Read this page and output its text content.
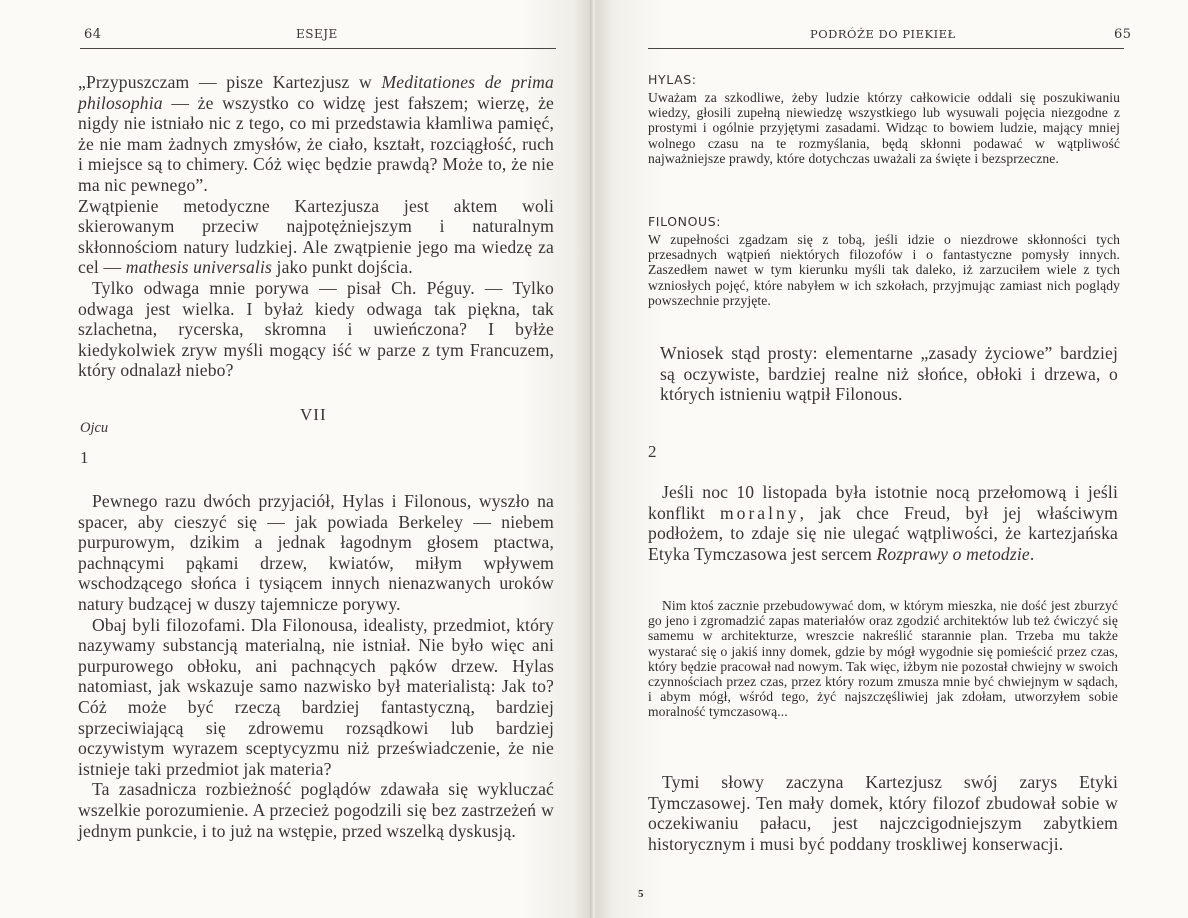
64	ESEJE

„Przypuszczam — pisze Kartezjusz w Meditationes de prima philosophia — że wszystko co widzę jest fałszem; wierzę, że nigdy nie istniało nic z tego, co mi przedstawia kłamliwa pamięć, że nie mam żadnych zmysłów, że ciało, kształt, rozciągłość, ruch i miejsce są to chimery. Cóż więc będzie prawdą? Może to, że nie ma nic pewnego”.

Zwątpienie metodyczne Kartezjusza jest aktem woli skierowanym przeciw najpotężniejszym i naturalnym skłonnościom natury ludzkiej. Ale zwątpienie jego ma wiedzę za cel — mathesis universalis jako punkt dojścia.

Tylko odwaga mnie porywa — pisał Ch. Péguy. — Tylko odwaga jest wielka. I byłaż kiedy odwaga tak piękna, tak szlachetna, rycerska, skromna i uwieńczona? I byłże kiedykolwiek zryw myśli mogący iść w parze z tym Francuzem, który odnalazł niebo?

VII
Ojcu
1

Pewnego razu dwóch przyjaciół, Hylas i Filonous, wyszło na spacer, aby cieszyć się — jak powiada Berkeley — niebem purpurowym, dzikim a jednak łagodnym głosem ptactwa, pachnącymi pąkami drzew, kwiatów, miłym wpływem wschodzącego słońca i tysiącem innych nienazwanych uroków natury budzącej w duszy tajemnicze porywy.

Obaj byli filozofami. Dla Filonousa, idealisty, przedmiot, który nazywamy substancją materialną, nie istniał. Nie było więc ani purpurowego obłoku, ani pachnących pąków drzew. Hylas natomiast, jak wskazuje samo nazwisko był materialistą: Jak to? Cóż może być rzeczą bardziej fantastyczną, bardziej sprzeciwiającą się zdrowemu rozsądkowi lub bardziej oczywistym wyrazem sceptycyzmu niż przeświadczenie, że nie istnieje taki przedmiot jak materia?

Ta zasadnicza rozbieżność poglądów zdawała się wykluczać wszelkie porozumienie. A przecież pogodzili się bez zastrzeżeń w jednym punkcie, i to już na wstępie, przed wszelką dyskusją.

PODRÓŻE DO PIEKIEŁ	65
HYLAS:

Uważam za szkodliwe, żeby ludzie którzy całkowicie oddali się poszukiwaniu wiedzy, głosili zupełną niewiedzę wszystkiego lub wysuwali pojęcia niezgodne z prostymi i ogólnie przyjętymi zasadami. Widząc to bowiem ludzie, mający mniej wolnego czasu na te rozmyślania, będą skłonni podawać w wątpliwość najważniejsze prawdy, które dotychczas uważali za święte i bezsprzeczne.

FILONOUS:

W zupełności zgadzam się z tobą, jeśli idzie o niezdrowe skłonności tych przesadnych wątpień niektórych filozofów i o fantastyczne pomysły innych. Zaszedłem nawet w tym kierunku myśli tak daleko, iż zarzuciłem wiele z tych wzniosłych pojęć, które nabyłem w ich szkołach, przyjmując zamiast nich poglądy powszechnie przyjęte.

Wniosek stąd prosty: elementarne „zasady życiowe” bardziej są oczywiste, bardziej realne niż słońce, obłoki i drzewa, o których istnieniu wątpił Filonous.

2

Jeśli noc 10 listopada była istotnie nocą przełomową i jeśli konflikt moralny, jak chce Freud, był jej właściwym podłożem, to zdaje się nie ulegać wątpliwości, że kartezjańska Etyka Tymczasowa jest sercem Rozprawy o metodzie.

Nim ktoś zacznie przebudowywać dom, w którym mieszka, nie dość jest zburzyć go jeno i zgromadzić zapas materiałów oraz zgodzić architektów lub też ćwiczyć się samemu w architekturze, wreszcie nakreślić starannie plan. Trzeba mu także wystarać się o jakiś inny domek, gdzie by mógł wygodnie się pomieścić przez czas, który będzie pracował nad nowym. Tak więc, iżbym nie pozostał chwiejny w swoich czynnościach przez czas, przez który rozum zmusza mnie być chwiejnym w sądach, i abym mógł, wśród tego, żyć najszczęśliwiej jak zdołam, utworzyłem sobie moralność tymczasową...

Tymi słowy zaczyna Kartezjusz swój zarys Etyki Tymczasowej. Ten mały domek, który filozof zbudował sobie w oczekiwaniu pałacu, jest najczcigodniejszym zabytkiem historycznym i musi być poddany troskliwej konserwacji.

5
